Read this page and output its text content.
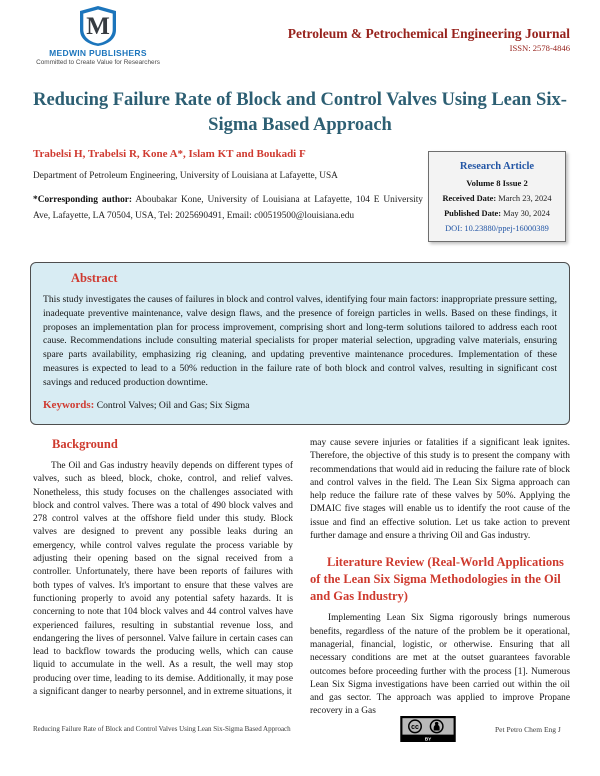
M
MEDWIN PUBLISHERS
Committed to Create Value for Researchers
Petroleum & Petrochemical Engineering Journal
ISSN: 2578-4846
Reducing Failure Rate of Block and Control Valves Using Lean Six-Sigma Based Approach
Trabelsi H, Trabelsi R, Kone A*, Islam KT and Boukadi F
Department of Petroleum Engineering, University of Louisiana at Lafayette, USA

*Corresponding author: Aboubakar Kone, University of Louisiana at Lafayette, 104 E University Ave, Lafayette, LA 70504, USA, Tel: 2025690491, Email: c00519500@louisiana.edu

Research Article
Volume 8 Issue 2
Received Date: March 23, 2024
Published Date: May 30, 2024
DOI: 10.23880/ppej-16000389
Abstract

This study investigates the causes of failures in block and control valves, identifying four main factors: inappropriate pressure setting, inadequate preventive maintenance, valve design flaws, and the presence of foreign particles in wells. Based on these findings, it proposes an implementation plan for process improvement, comprising short and long-term solutions tailored to address each root cause. Recommendations include consulting material specialists for proper material selection, upgrading valve materials, ensuring spare parts availability, emphasizing rig cleaning, and updating preventive maintenance procedures. Implementation of these measures is expected to lead to a 50% reduction in the failure rate of both block and control valves, resulting in significant cost savings and reduced production downtime.

Keywords: Control Valves; Oil and Gas; Six Sigma

Background

The Oil and Gas industry heavily depends on different types of valves, such as bleed, block, choke, control, and relief valves. Nonetheless, this study focuses on the challenges associated with block and control valves. There was a total of 490 block valves and 278 control valves at the offshore field under this study. Block valves are designed to prevent any possible leaks during an emergency, while control valves regulate the process variable by adjusting their opening based on the signal received from a controller. Unfortunately, there have been reports of failures with both types of valves. It's important to ensure that these valves are functioning properly to avoid any potential safety hazards. It is concerning to note that 104 block valves and 44 control valves have experienced failures, resulting in substantial revenue loss, and endangering the lives of personnel. Valve failure in certain cases can lead to backflow towards the producing wells, which can cause liquid to accumulate in the well. As a result, the well may stop producing over time, leading to its demise. Additionally, it may pose a significant danger to nearby personnel, and in extreme situations, it

may cause severe injuries or fatalities if a significant leak ignites. Therefore, the objective of this study is to present the company with recommendations that would aid in reducing the failure rate of block and control valves in the field. The Lean Six Sigma approach can help reduce the failure rate of these valves by 50%. Applying the DMAIC five stages will enable us to identify the root cause of the issue and find an effective solution. Let us take action to prevent further damage and ensure a thriving Oil and Gas industry.

Literature Review (Real-World Applications of the Lean Six Sigma Methodologies in the Oil and Gas Industry)

Implementing Lean Six Sigma rigorously brings numerous benefits, regardless of the nature of the problem be it operational, managerial, financial, logistic, or otherwise. Ensuring that all necessary conditions are met at the outset guarantees favorable outcomes before proceeding further with the process [1]. Numerous Lean Six Sigma investigations have been carried out within the oil and gas sector. The approach was applied to improve Propane recovery in a Gas

Reducing Failure Rate of Block and Control Valves Using Lean Six-Sigma Based Approach	cc
BY
Pet Petro Chem Eng J
